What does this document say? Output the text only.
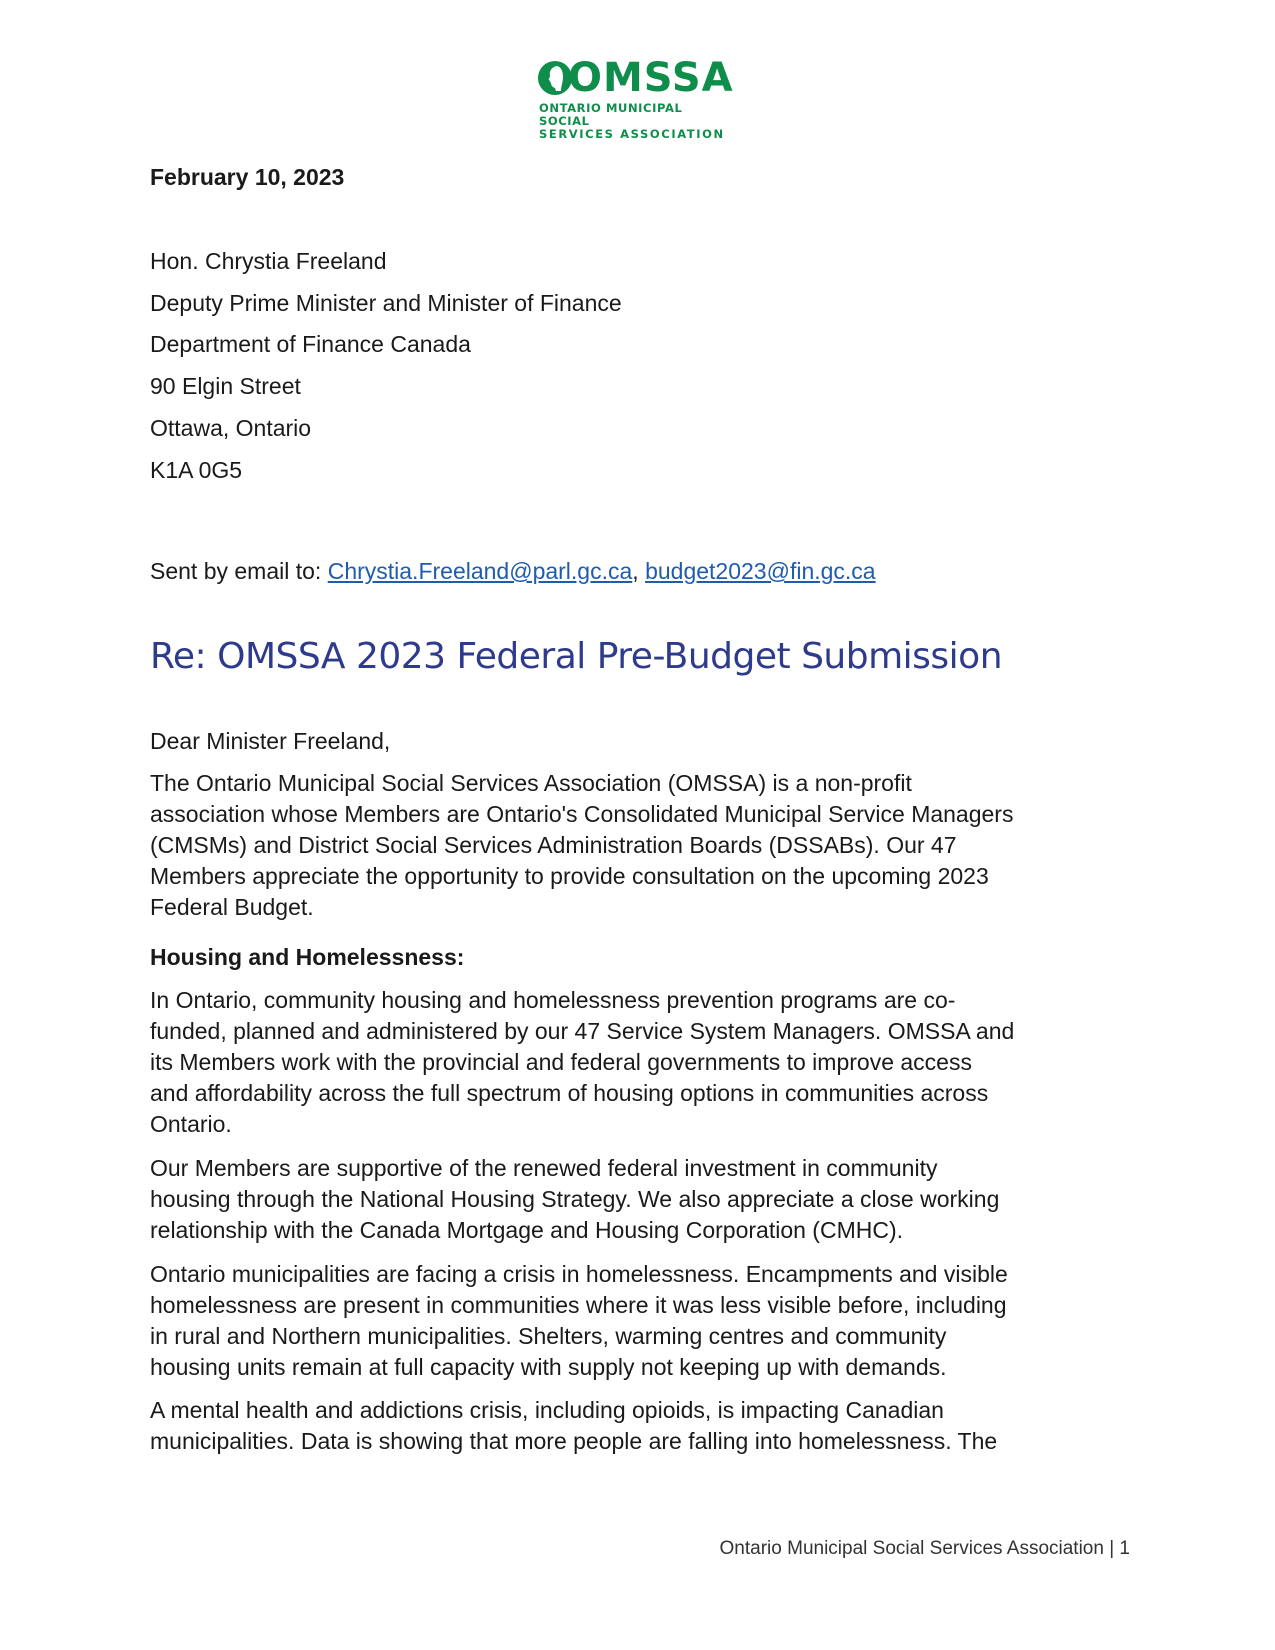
OMSSA
ONTARIO MUNICIPAL SOCIAL
SERVICES ASSOCIATION
February 10, 2023
Hon. Chrystia Freeland
Deputy Prime Minister and Minister of Finance
Department of Finance Canada
90 Elgin Street
Ottawa, Ontario
K1A 0G5
Sent by email to: Chrystia.Freeland@parl.gc.ca, budget2023@fin.gc.ca
Re: OMSSA 2023 Federal Pre-Budget Submission
Dear Minister Freeland,
The Ontario Municipal Social Services Association (OMSSA) is a non-profit
association whose Members are Ontario's Consolidated Municipal Service Managers
(CMSMs) and District Social Services Administration Boards (DSSABs). Our 47
Members appreciate the opportunity to provide consultation on the upcoming 2023
Federal Budget.
Housing and Homelessness:
In Ontario, community housing and homelessness prevention programs are co-
funded, planned and administered by our 47 Service System Managers. OMSSA and
its Members work with the provincial and federal governments to improve access
and affordability across the full spectrum of housing options in communities across
Ontario.
Our Members are supportive of the renewed federal investment in community
housing through the National Housing Strategy. We also appreciate a close working
relationship with the Canada Mortgage and Housing Corporation (CMHC).
Ontario municipalities are facing a crisis in homelessness. Encampments and visible
homelessness are present in communities where it was less visible before, including
in rural and Northern municipalities. Shelters, warming centres and community
housing units remain at full capacity with supply not keeping up with demands.
A mental health and addictions crisis, including opioids, is impacting Canadian
municipalities. Data is showing that more people are falling into homelessness. The
Ontario Municipal Social Services Association | 1
